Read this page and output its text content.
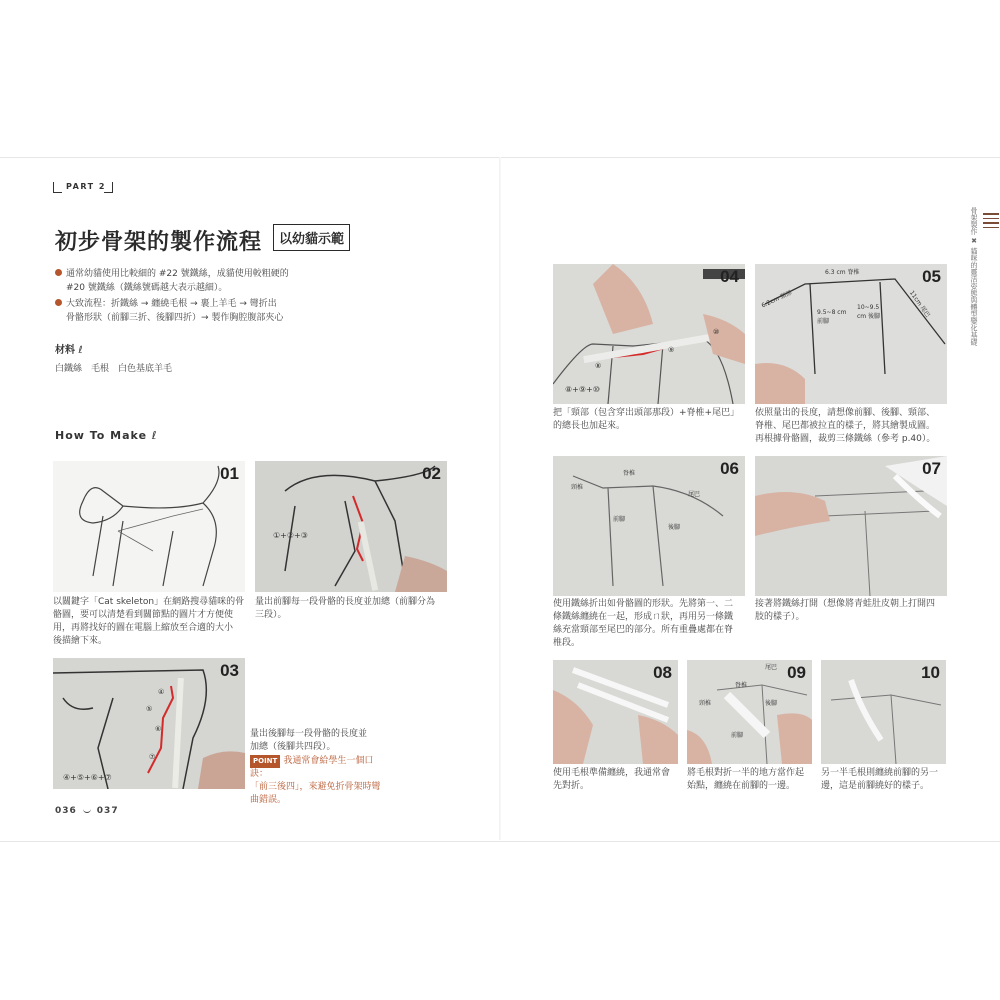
PART 2
初步骨架的製作流程	以幼貓示範
通常幼貓使用比較細的 #22 號鐵絲，成貓使用較粗硬的
#20 號鐵絲（鐵絲號碼越大表示越細）。
大致流程：折鐵絲 → 纏繞毛根 → 裹上羊毛 → 彎折出
骨骼形狀（前腳三折、後腳四折）→ 製作胸腔腹部夾心
材料 ℓ
白鐵絲　毛根　白色基底羊毛
How To Make ℓ
01
以關鍵字「Cat skeleton」在網路搜尋貓咪的骨
骼圖，要可以清楚看到關節點的圖片才方便使
用，再將找好的圖在電腦上縮放至合適的大小
後描繪下來。
①+②+③
02
量出前腳每一段骨骼的長度並加總（前腳分為
三段）。
④
⑤
⑥
⑦
④+⑤+⑥+⑦
03
量出後腳每一段骨骼的長度並
加總（後腳共四段）。
POINT 我通常會給學生一個口訣：
「前三後四」，來避免折骨架時彎
曲錯誤。
036 037
骨架製作 ✖ 貓咪的靈活姿態與體型變化基礎
⑨
⑩
⑧
⑧+⑨+⑩
04
把「頸部（包含穿出頭部那段）+脊椎+尾巴」
的總長也加起來。
6.3 cm 脊椎
6.2cm 頸部
9.5~8 cm 前腳
10~9.5 cm 後腳	11cm 尾巴
05
依照量出的長度，請想像前腳、後腳、頸部、
脊椎、尾巴都被拉直的樣子，將其繪製成圖。
再根據骨骼圖，裁剪三條鐵絲（參考 p.40）。
脊椎
頸椎
尾巴
前腳
後腳
06
使用鐵絲折出如骨骼圖的形狀。先將第一、二
條鐵絲纏繞在一起，形成ㄇ狀，再用另一條鐵
絲充當頸部至尾巴的部分。所有重疊處都在脊
椎段。
07
接著將鐵絲打開（想像將青蛙肚皮朝上打開四
肢的樣子）。
08
使用毛根準備纏繞，我通常會
先對折。
尾巴
脊椎
頸椎	後腳
前腳
09
將毛根對折一半的地方當作起
始點，纏繞在前腳的一邊。
10
另一半毛根則纏繞前腳的另一
邊，這是前腳繞好的樣子。
